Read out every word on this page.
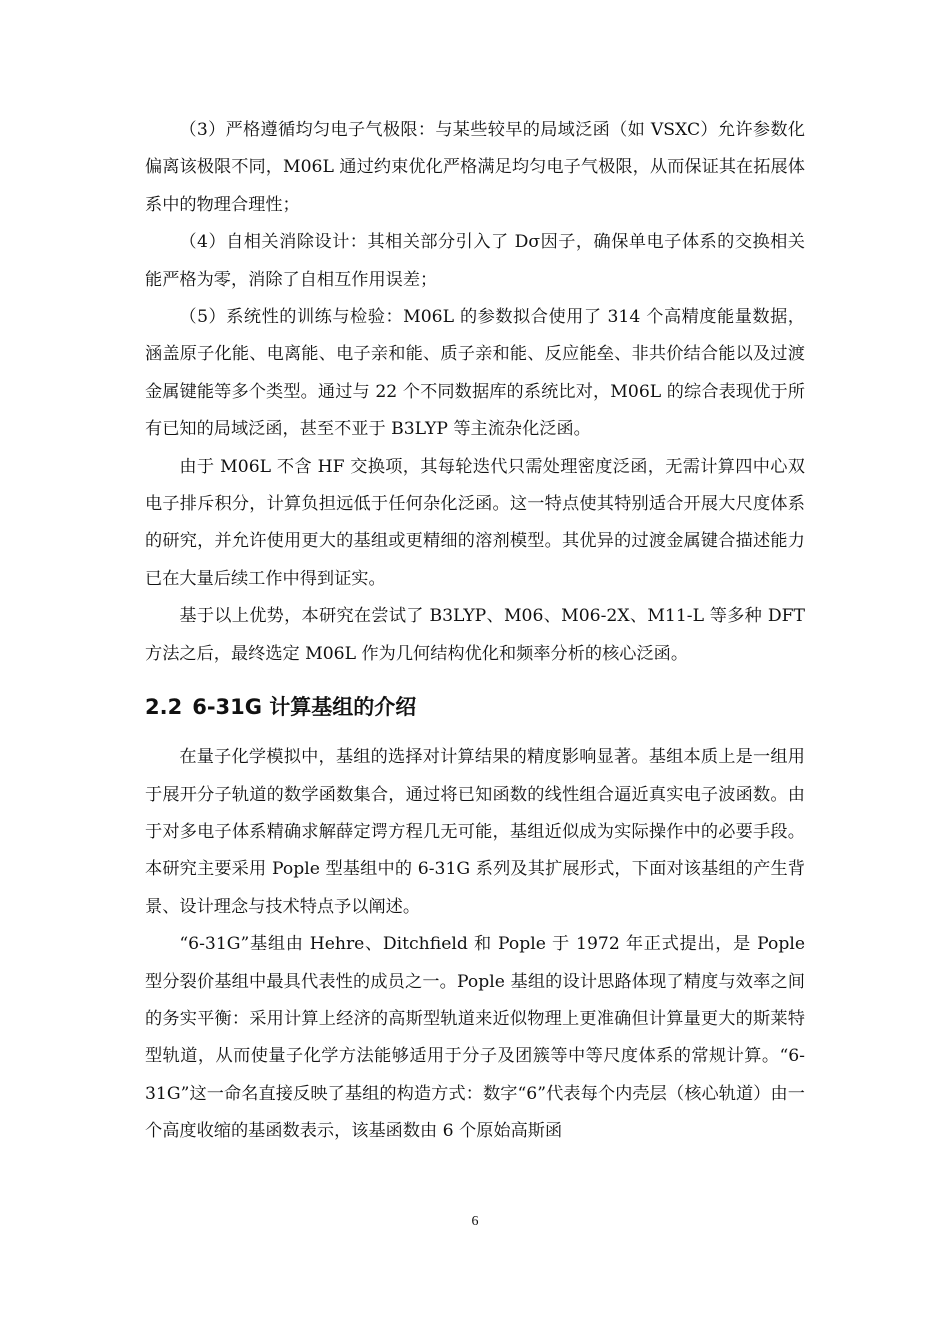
（3）严格遵循均匀电子气极限：与某些较早的局域泛函（如 VSXC）允许参数化偏离该极限不同，M06L 通过约束优化严格满足均匀电子气极限，从而保证其在拓展体系中的物理合理性；

（4）自相关消除设计：其相关部分引入了 Dσ因子，确保单电子体系的交换相关能严格为零，消除了自相互作用误差；

（5）系统性的训练与检验：M06L 的参数拟合使用了 314 个高精度能量数据，涵盖原子化能、电离能、电子亲和能、质子亲和能、反应能垒、非共价结合能以及过渡金属键能等多个类型。通过与 22 个不同数据库的系统比对，M06L 的综合表现优于所有已知的局域泛函，甚至不亚于 B3LYP 等主流杂化泛函。

由于 M06L 不含 HF 交换项，其每轮迭代只需处理密度泛函，无需计算四中心双电子排斥积分，计算负担远低于任何杂化泛函。这一特点使其特别适合开展大尺度体系的研究，并允许使用更大的基组或更精细的溶剂模型。其优异的过渡金属键合描述能力已在大量后续工作中得到证实。

基于以上优势，本研究在尝试了 B3LYP、M06、M06-2X、M11-L 等多种 DFT 方法之后，最终选定 M06L 作为几何结构优化和频率分析的核心泛函。

2.2 6-31G 计算基组的介绍

在量子化学模拟中，基组的选择对计算结果的精度影响显著。基组本质上是一组用于展开分子轨道的数学函数集合，通过将已知函数的线性组合逼近真实电子波函数。由于对多电子体系精确求解薛定谔方程几无可能，基组近似成为实际操作中的必要手段。本研究主要采用 Pople 型基组中的 6-31G 系列及其扩展形式，下面对该基组的产生背景、设计理念与技术特点予以阐述。

“6-31G”基组由 Hehre、Ditchfield 和 Pople 于 1972 年正式提出，是 Pople 型分裂价基组中最具代表性的成员之一。Pople 基组的设计思路体现了精度与效率之间的务实平衡：采用计算上经济的高斯型轨道来近似物理上更准确但计算量更大的斯莱特型轨道，从而使量子化学方法能够适用于分子及团簇等中等尺度体系的常规计算。“6-31G”这一命名直接反映了基组的构造方式：数字“6”代表每个内壳层（核心轨道）由一个高度收缩的基函数表示，该基函数由 6 个原始高斯函

6
